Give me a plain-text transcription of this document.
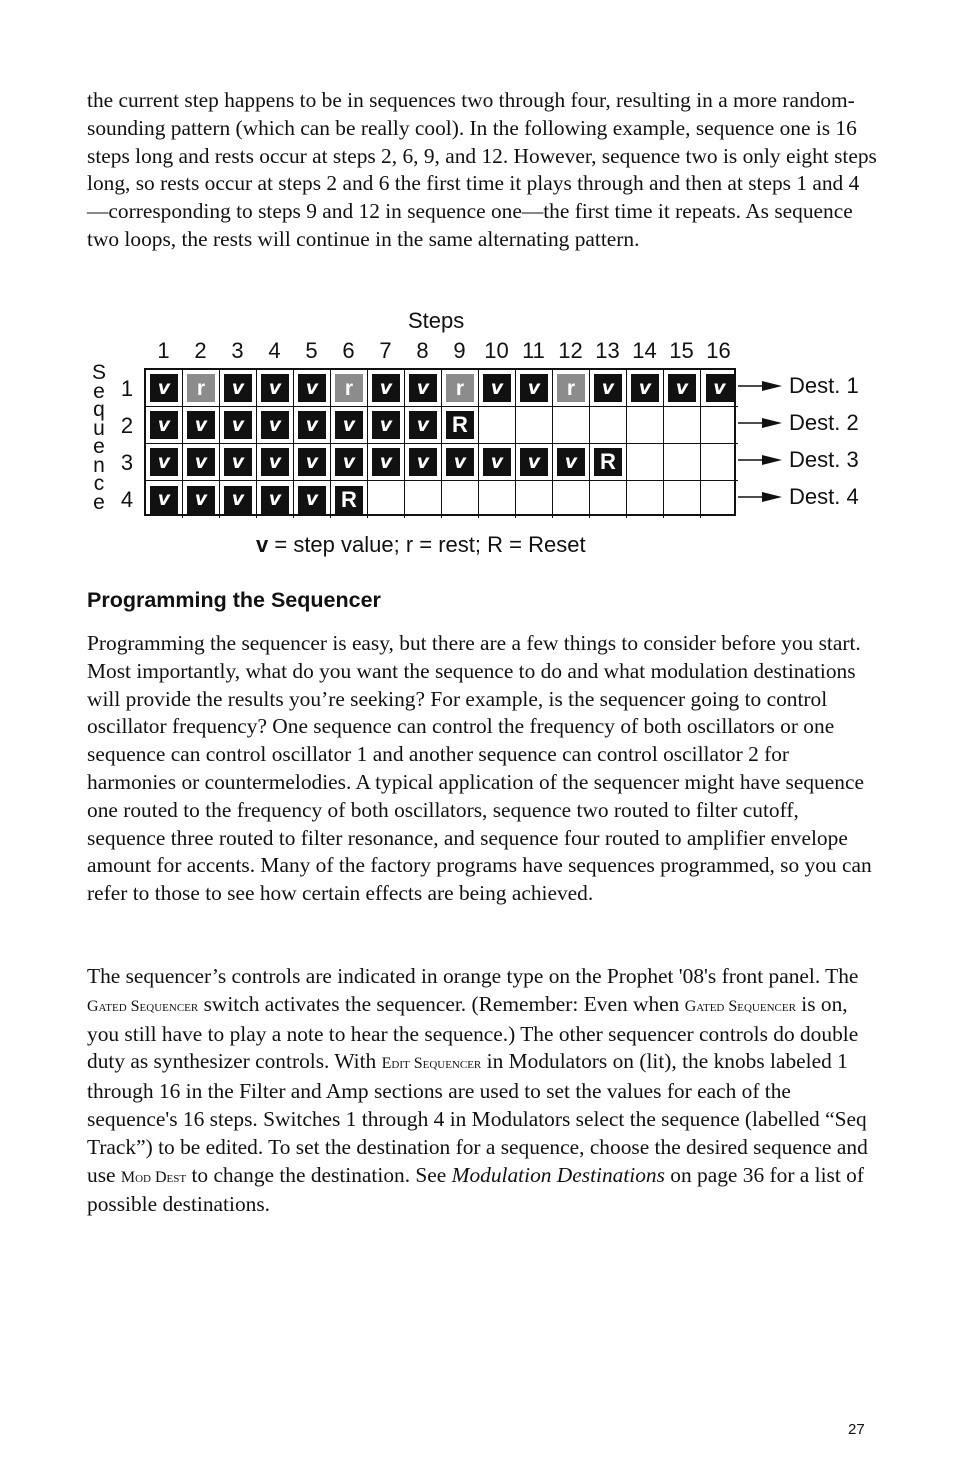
the current step happens to be in sequences two through four, resulting in a more random-sounding pattern (which can be really cool). In the following example, sequence one is 16 steps long and rests occur at steps 2, 6, 9, and 12. However, sequence two is only eight steps long, so rests occur at steps 2 and 6 the first time it plays through and then at steps 1 and 4—corresponding to steps 9 and 12 in sequence one—the first time it repeats. As sequence two loops, the rests will continue in the same alternating pattern.

Steps
1	2	3	4	5	6	7	8	9 10 11 12 13 14 15 16
S
e
q
u
e
n
c
e
1
2
3
4
v	r	v	v	v	r	v	v	r	v	v	r	v	v	v	v
v	v	v	v	v	v	v	v	R
v	v	v	v	v	v	v	v	v	v	v	v	R
v	v	v	v	v	R
Dest. 1
Dest. 2
Dest. 3
Dest. 4
v = step value; r = rest; R = Reset
Programming the Sequencer

Programming the sequencer is easy, but there are a few things to consider before you start. Most importantly, what do you want the sequence to do and what modulation destinations will provide the results you’re seeking? For example, is the sequencer going to control oscillator frequency? One sequence can control the frequency of both oscillators or one sequence can control oscillator 1 and another sequence can control oscillator 2 for harmonies or countermelodies. A typical application of the sequencer might have sequence one routed to the frequency of both oscillators, sequence two routed to filter cutoff, sequence three routed to filter resonance, and sequence four routed to amplifier envelope amount for accents. Many of the factory programs have sequences programmed, so you can refer to those to see how certain effects are being achieved.

The sequencer’s controls are indicated in orange type on the Prophet '08's front panel. The Gated Sequencer switch activates the sequencer. (Remember: Even when Gated Sequencer is on, you still have to play a note to hear the sequence.) The other sequencer controls do double duty as synthesizer controls. With Edit Sequencer in Modulators on (lit), the knobs labeled 1 through 16 in the Filter and Amp sections are used to set the values for each of the sequence's 16 steps. Switches 1 through 4 in Modulators select the sequence (labelled “Seq Track”) to be edited. To set the destination for a sequence, choose the desired sequence and use Mod Dest to change the destination. See Modulation Destinations on page 36 for a list of possible destinations.

27
